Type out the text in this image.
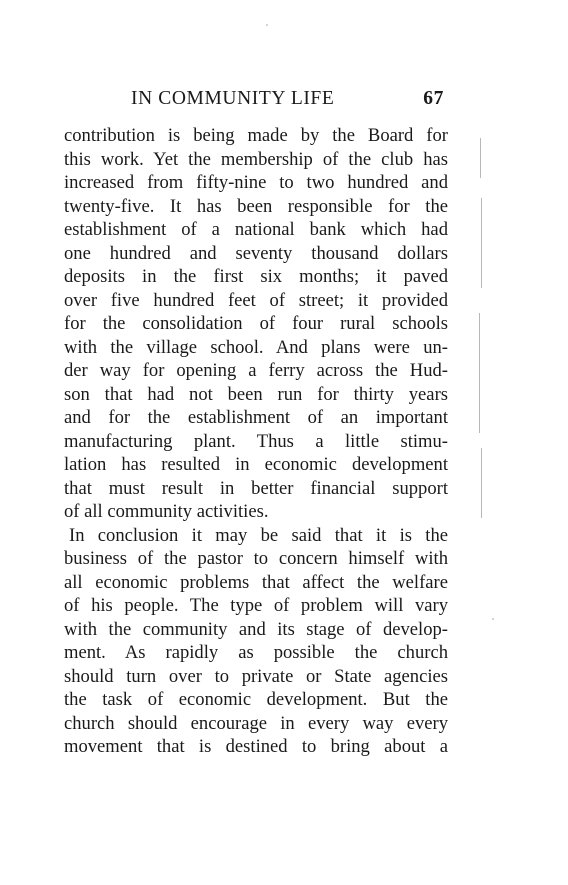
IN COMMUNITY LIFE	67
contribution is being made by the Board for
this work. Yet the membership of the club has
increased from fifty-nine to two hundred and
twenty-five. It has been responsible for the
establishment of a national bank which had
one hundred and seventy thousand dollars
deposits in the first six months; it paved
over five hundred feet of street; it provided
for the consolidation of four rural schools
with the village school. And plans were un-
der way for opening a ferry across the Hud-
son that had not been run for thirty years
and for the establishment of an important
manufacturing plant. Thus a little stimu-
lation has resulted in economic development
that must result in better financial support
of all community activities.
In conclusion it may be said that it is the
business of the pastor to concern himself with
all economic problems that affect the welfare
of his people. The type of problem will vary
with the community and its stage of develop-
ment. As rapidly as possible the church
should turn over to private or State agencies
the task of economic development. But the
church should encourage in every way every
movement that is destined to bring about a
